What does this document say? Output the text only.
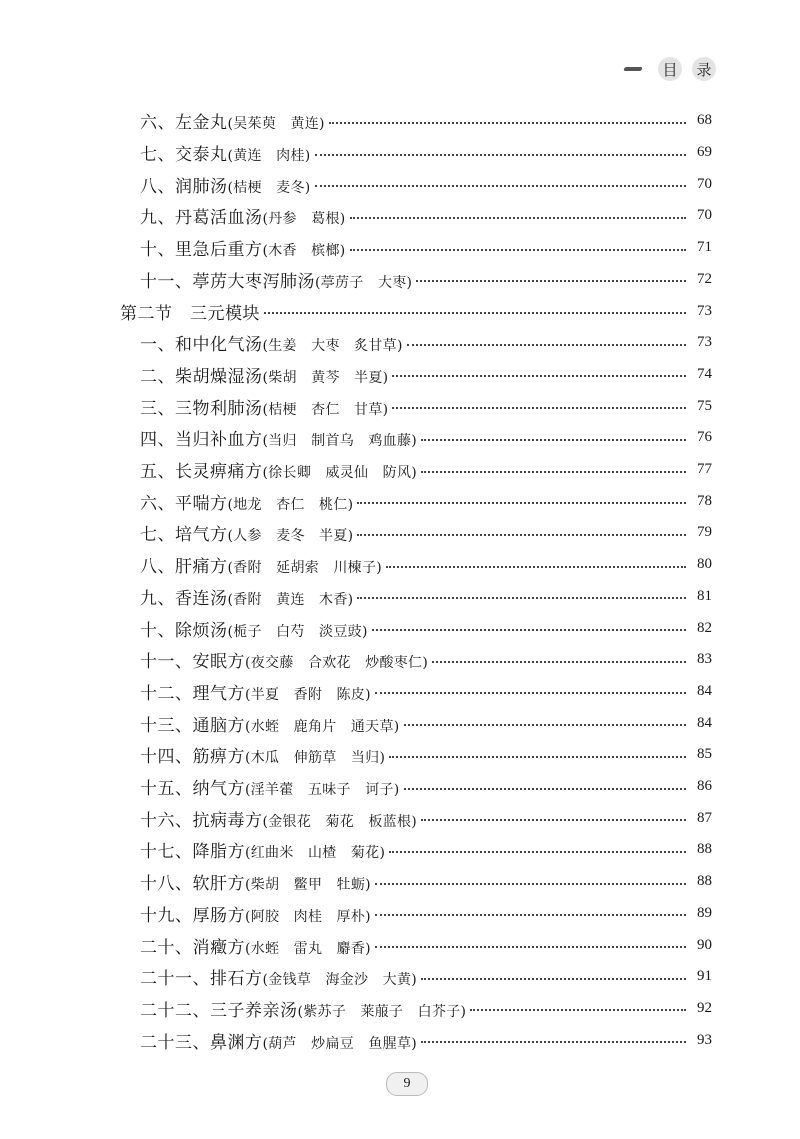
目	录
六、左金丸 (吴茱萸　黄连)	68
七、交泰丸 (黄连　肉桂)	69
八、润肺汤 (桔梗　麦冬)	70
九、丹葛活血汤 (丹参　葛根)	70
十、里急后重方 (木香　槟榔)	71
十一、葶苈大枣泻肺汤 (葶苈子　大枣)	72
第二节　三元模块	73
一、和中化气汤 (生姜　大枣　炙甘草)	73
二、柴胡燥湿汤 (柴胡　黄芩　半夏)	74
三、三物利肺汤 (桔梗　杏仁　甘草)	75
四、当归补血方 (当归　制首乌　鸡血藤)	76
五、长灵痹痛方 (徐长卿　威灵仙　防风)	77
六、平喘方 (地龙　杏仁　桃仁)	78
七、培气方 (人参　麦冬　半夏)	79
八、肝痛方 (香附　延胡索　川楝子)	80
九、香连汤 (香附　黄连　木香)	81
十、除烦汤 (栀子　白芍　淡豆豉)	82
十一、安眠方 (夜交藤　合欢花　炒酸枣仁)	83
十二、理气方 (半夏　香附　陈皮)	84
十三、通脑方 (水蛭　鹿角片　通天草)	84
十四、筋痹方 (木瓜　伸筋草　当归)	85
十五、纳气方 (淫羊藿　五味子　诃子)	86
十六、抗病毒方 (金银花　菊花　板蓝根)	87
十七、降脂方 (红曲米　山楂　菊花)	88
十八、软肝方 (柴胡　鳖甲　牡蛎)	88
十九、厚肠方 (阿胶　肉桂　厚朴)	89
二十、消癥方 (水蛭　雷丸　麝香)	90
二十一、排石方 (金钱草　海金沙　大黄)	91
二十二、三子养亲汤 (紫苏子　莱菔子　白芥子)	92
二十三、鼻渊方 (葫芦　炒扁豆　鱼腥草)	93
9
